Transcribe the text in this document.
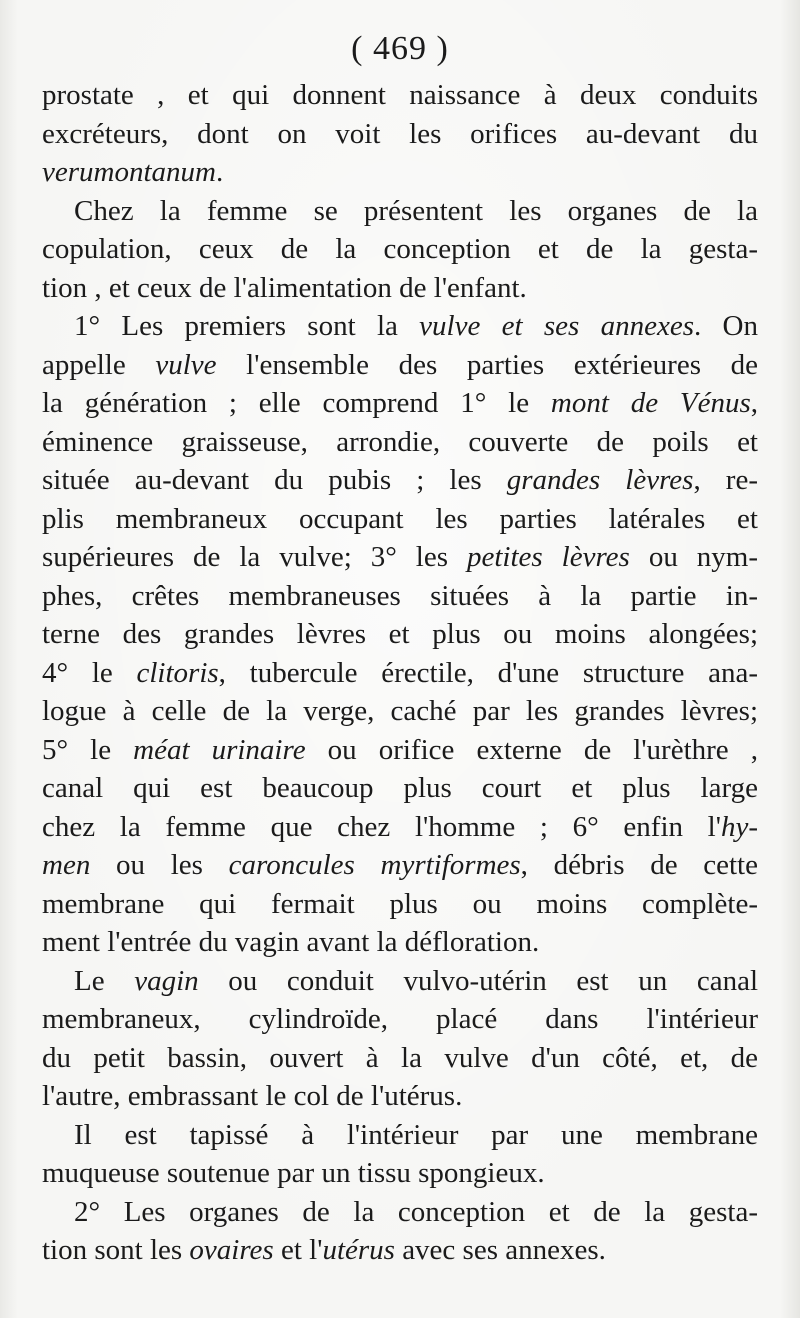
( 469 )
prostate , et qui donnent naissance à deux conduits
excréteurs, dont on voit les orifices au-devant du
verumontanum.
Chez la femme se présentent les organes de la
copulation, ceux de la conception et de la gesta-
tion , et ceux de l'alimentation de l'enfant.
1° Les premiers sont la vulve et ses annexes. On
appelle vulve l'ensemble des parties extérieures de
la génération ; elle comprend 1° le mont de Vénus,
éminence graisseuse, arrondie, couverte de poils et
située au-devant du pubis ; les grandes lèvres, re-
plis membraneux occupant les parties latérales et
supérieures de la vulve; 3° les petites lèvres ou nym-
phes, crêtes membraneuses situées à la partie in-
terne des grandes lèvres et plus ou moins alongées;
4° le clitoris, tubercule érectile, d'une structure ana-
logue à celle de la verge, caché par les grandes lèvres;
5° le méat urinaire ou orifice externe de l'urèthre ,
canal qui est beaucoup plus court et plus large
chez la femme que chez l'homme ; 6° enfin l'hy-
men ou les caroncules myrtiformes, débris de cette
membrane qui fermait plus ou moins complète-
ment l'entrée du vagin avant la défloration.
Le vagin ou conduit vulvo-utérin est un canal
membraneux, cylindroïde, placé dans l'intérieur
du petit bassin, ouvert à la vulve d'un côté, et, de
l'autre, embrassant le col de l'utérus.
Il est tapissé à l'intérieur par une membrane
muqueuse soutenue par un tissu spongieux.
2° Les organes de la conception et de la gesta-
tion sont les ovaires et l'utérus avec ses annexes.
